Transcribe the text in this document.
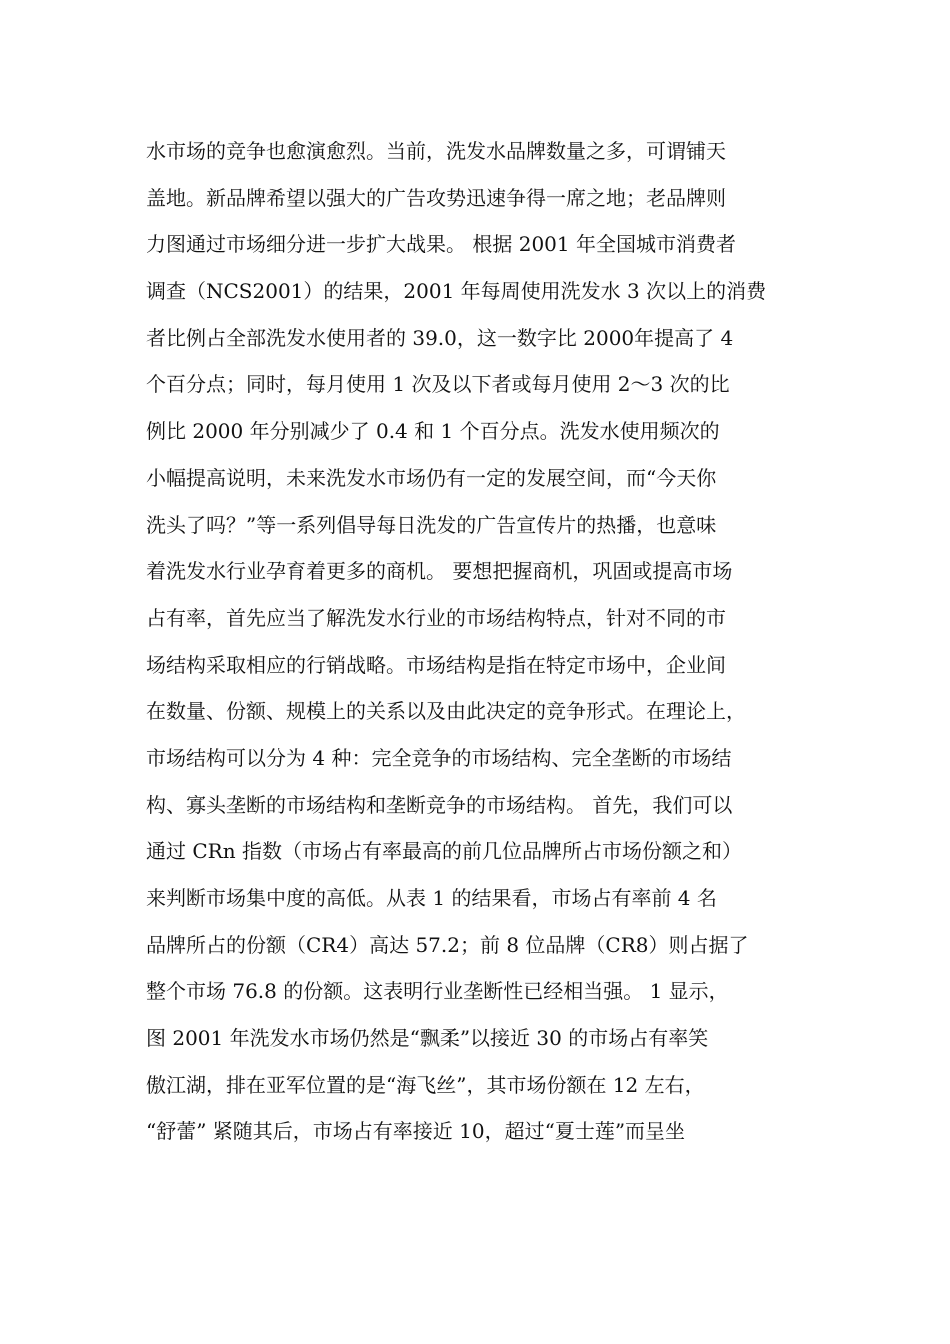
水市场的竞争也愈演愈烈。当前，洗发水品牌数量之多，可谓铺天
盖地。新品牌希望以强大的广告攻势迅速争得一席之地；老品牌则
力图通过市场细分进一步扩大战果。 根据 2001 年全国城市消费者
调查（NCS2001）的结果，2001 年每周使用洗发水 3 次以上的消费
者比例占全部洗发水使用者的 39.0，这一数字比 2000年提高了 4
个百分点；同时，每月使用 1 次及以下者或每月使用 2～3 次的比
例比 2000 年分别减少了 0.4 和 1 个百分点。洗发水使用频次的
小幅提高说明，未来洗发水市场仍有一定的发展空间，而“今天你
洗头了吗？”等一系列倡导每日洗发的广告宣传片的热播，也意味
着洗发水行业孕育着更多的商机。 要想把握商机，巩固或提高市场
占有率，首先应当了解洗发水行业的市场结构特点，针对不同的市
场结构采取相应的行销战略。市场结构是指在特定市场中，企业间
在数量、份额、规模上的关系以及由此决定的竞争形式。在理论上，
市场结构可以分为 4 种：完全竞争的市场结构、完全垄断的市场结
构、寡头垄断的市场结构和垄断竞争的市场结构。 首先，我们可以
通过 CRn 指数（市场占有率最高的前几位品牌所占市场份额之和）
来判断市场集中度的高低。从表 1 的结果看，市场占有率前 4 名
品牌所占的份额（CR4）高达 57.2；前 8 位品牌（CR8）则占据了
整个市场 76.8 的份额。这表明行业垄断性已经相当强。 1 显示，
图 2001 年洗发水市场仍然是“飘柔”以接近 30 的市场占有率笑
傲江湖，排在亚军位置的是“海飞丝”，其市场份额在 12 左右，
“舒蕾” 紧随其后，市场占有率接近 10，超过“夏士莲”而呈坐
